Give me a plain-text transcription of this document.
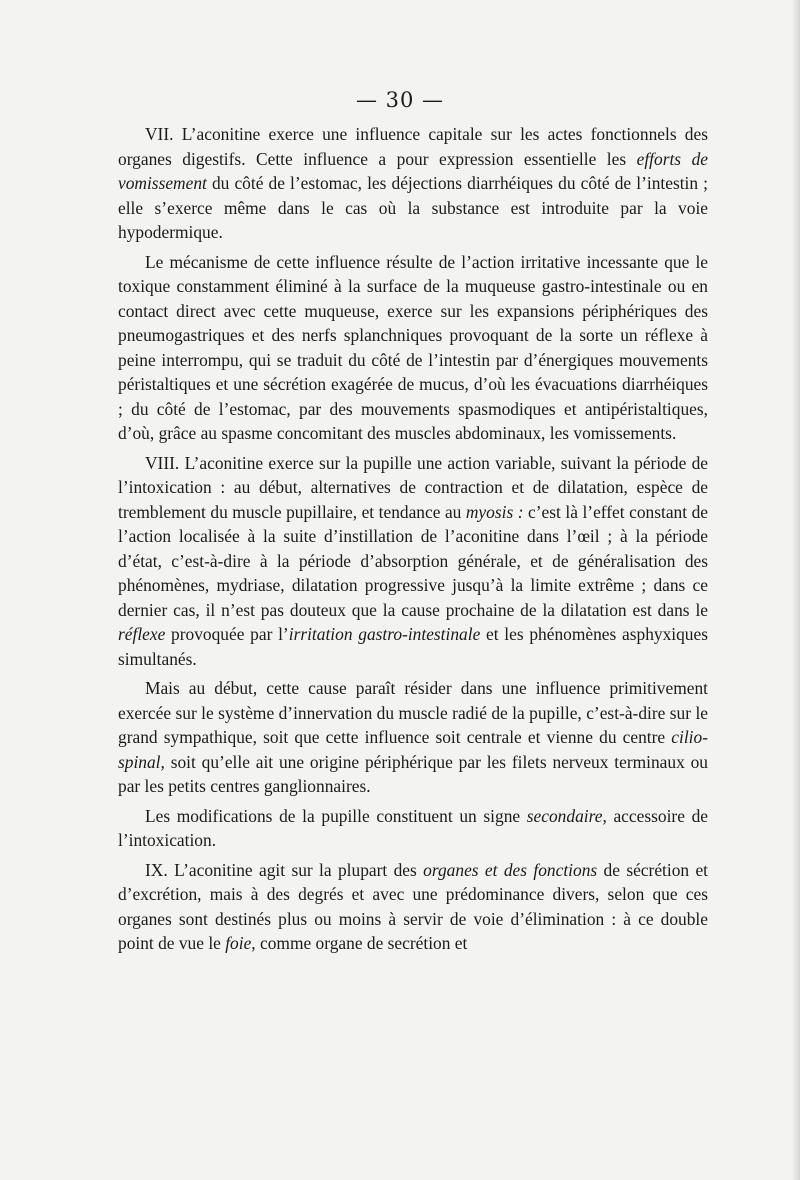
— 30 —

VII. L’aconitine exerce une influence capitale sur les actes fonctionnels des organes digestifs. Cette influence a pour expression essentielle les efforts de vomissement du côté de l’estomac, les déjections diarrhéiques du côté de l’intestin ; elle s’exerce même dans le cas où la substance est introduite par la voie hypodermique.

Le mécanisme de cette influence résulte de l’action irritative incessante que le toxique constamment éliminé à la surface de la muqueuse gastro-intestinale ou en contact direct avec cette muqueuse, exerce sur les expansions périphériques des pneumogastriques et des nerfs splanchniques provoquant de la sorte un réflexe à peine interrompu, qui se traduit du côté de l’intestin par d’énergiques mouvements péristaltiques et une sécrétion exagérée de mucus, d’où les évacuations diarrhéiques ; du côté de l’estomac, par des mouvements spasmodiques et antipéristaltiques, d’où, grâce au spasme concomitant des muscles abdominaux, les vomissements.

VIII. L’aconitine exerce sur la pupille une action variable, suivant la période de l’intoxication : au début, alternatives de contraction et de dilatation, espèce de tremblement du muscle pupillaire, et tendance au myosis : c’est là l’effet constant de l’action localisée à la suite d’instillation de l’aconitine dans l’œil ; à la période d’état, c’est-à-dire à la période d’absorption générale, et de généralisation des phénomènes, mydriase, dilatation progressive jusqu’à la limite extrême ; dans ce dernier cas, il n’est pas douteux que la cause prochaine de la dilatation est dans le réflexe provoquée par l’irritation gastro-intestinale et les phénomènes asphyxiques simultanés.

Mais au début, cette cause paraît résider dans une influence primitivement exercée sur le système d’innervation du muscle radié de la pupille, c’est-à-dire sur le grand sympathique, soit que cette influence soit centrale et vienne du centre cilio-spinal, soit qu’elle ait une origine périphérique par les filets nerveux terminaux ou par les petits centres ganglionnaires.

Les modifications de la pupille constituent un signe secondaire, accessoire de l’intoxication.

IX. L’aconitine agit sur la plupart des organes et des fonctions de sécrétion et d’excrétion, mais à des degrés et avec une prédominance divers, selon que ces organes sont destinés plus ou moins à servir de voie d’élimination : à ce double point de vue le foie, comme organe de secrétion et
